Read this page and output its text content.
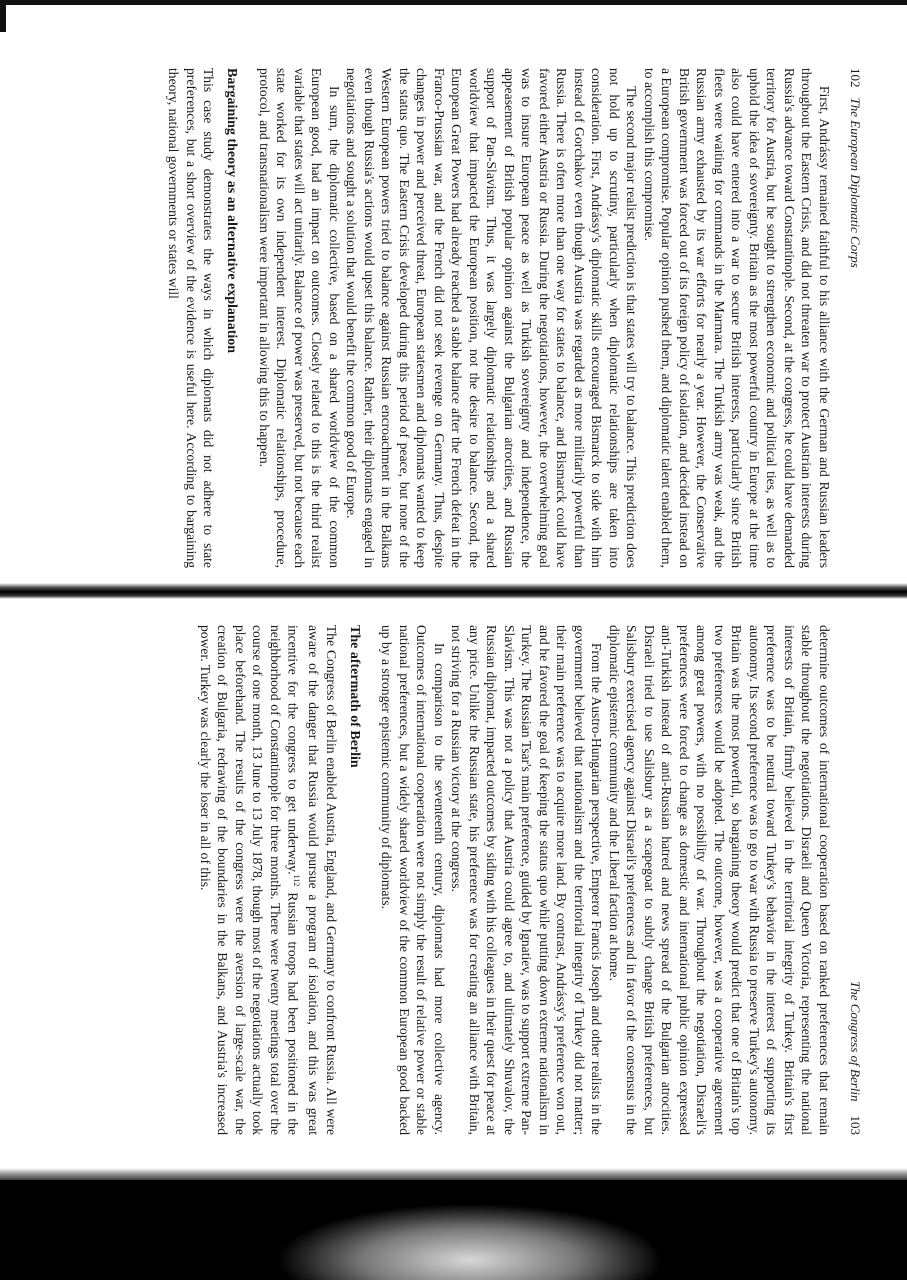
102
The European Diplomatic Corps

First, Andrássy remained faithful to his alliance with the German and Russian leaders throughout the Eastern Crisis, and did not threaten war to protect Austrian interests during Russia's advance toward Constantinople. Second, at the congress, he could have demanded territory for Austria, but he sought to strengthen economic and political ties, as well as to uphold the idea of sovereignty. Britain as the most powerful country in Europe at the time also could have entered into a war to secure British interests, particularly since British fleets were waiting for commands in the Marmara. The Turkish army was weak, and the Russian army exhausted by its war efforts for nearly a year. However, the Conservative British government was forced out of its foreign policy of isolation, and decided instead on a European compromise. Popular opinion pushed them, and diplomatic talent enabled them, to accomplish this compromise.

The second major realist prediction is that states will try to balance. This prediction does not hold up to scrutiny, particularly when diplomatic relationships are taken into consideration. First, Andrássy's diplomatic skills encouraged Bismarck to side with him instead of Gorchakov even though Austria was regarded as more militarily powerful than Russia. There is often more than one way for states to balance, and Bismarck could have favored either Austria or Russia. During the negotiations, however, the overwhelming goal was to insure European peace as well as Turkish sovereignty and independence, the appeasement of British popular opinion against the Bulgarian atrocities, and Russian support of Pan-Slavism. Thus, it was largely diplomatic relationships and a shared worldview that impacted the European position, not the desire to balance. Second, the European Great Powers had already reached a stable balance after the French defeat in the Franco-Prussian war, and the French did not seek revenge on Germany. Thus, despite changes in power and perceived threat, European statesmen and diplomats wanted to keep the status quo. The Eastern Crisis developed during this period of peace, but none of the Western European powers tried to balance against Russian encroachment in the Balkans even though Russia's actions would upset this balance. Rather, their diplomats engaged in negotiations and sought a solution that would benefit the common good of Europe.

In sum, the diplomatic collective, based on a shared worldview of the common European good, had an impact on outcomes. Closely related to this is the third realist variable that states will act unitarily. Balance of power was preserved, but not because each state worked for its own independent interest. Diplomatic relationships, procedure, protocol, and transnationalism were important in allowing this to happen.

Bargaining theory as an alternative explanation

This case study demonstrates the ways in which diplomats did not adhere to state preferences, but a short overview of the evidence is useful here. According to bargaining theory, national governments or states will

The Congress of Berlin
103

determine outcomes of international cooperation based on ranked preferences that remain stable throughout the negotiations. Disraeli and Queen Victoria, representing the national interests of Britain, firmly believed in the territorial integrity of Turkey. Britain's first preference was to be neutral toward Turkey's behavior in the interest of supporting its autonomy. Its second preference was to go to war with Russia to preserve Turkey's autonomy. Britain was the most powerful, so bargaining theory would predict that one of Britain's top two preferences would be adopted. The outcome, however, was a cooperative agreement among great powers, with no possibility of war. Throughout the negotiation, Disraeli's preferences were forced to change as domestic and international public opinion expressed anti-Turkish instead of anti-Russian hatred and news spread of the Bulgarian atrocities. Disraeli tried to use Salisbury as a scapegoat to subtly change British preferences, but Salisbury exercised agency against Disraeli's preferences and in favor of the consensus in the diplomatic epistemic community and the Liberal faction at home.

From the Austro-Hungarian perspective, Emperor Francis Joseph and other realists in the government believed that nationalism and the territorial integrity of Turkey did not matter; their main preference was to acquire more land. By contrast, Andrássy's preference won out, and he favored the goal of keeping the status quo while putting down extreme nationalism in Turkey. The Russian Tsar's main preference, guided by Ignatiev, was to support extreme Pan-Slavism. This was not a policy that Austria could agree to, and ultimately Shuvalov, the Russian diplomat, impacted outcomes by siding with his colleagues in their quest for peace at any price. Unlike the Russian state, his preference was for creating an alliance with Britain, not striving for a Russian victory at the congress.

In comparison to the seventeenth century, diplomats had more collective agency. Outcomes of international cooperation were not simply the result of relative power or stable national preferences, but a widely shared worldview of the common European good backed up by a stronger epistemic community of diplomats.

The aftermath of Berlin

The Congress of Berlin enabled Austria, England, and Germany to confront Russia. All were aware of the danger that Russia would pursue a program of isolation, and this was great incentive for the congress to get underway.$^{112}$ Russian troops had been positioned in the neighborhood of Constantinople for three months. There were twenty meetings total over the course of one month, 13 June to 13 July 1878, though most of the negotiations actually took place beforehand. The results of the congress were the aversion of large-scale war, the creation of Bulgaria, redrawing of the boundaries in the Balkans, and Austria's increased power. Turkey was clearly the loser in all of this.
